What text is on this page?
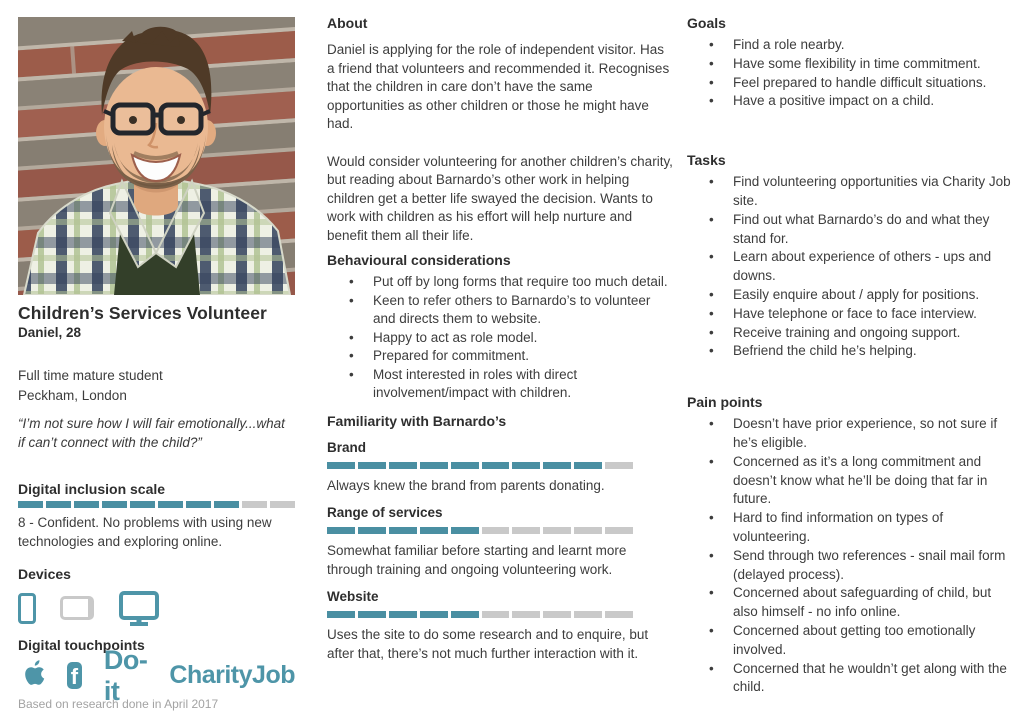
Children’s Services Volunteer
Daniel, 28
Full time mature student
Peckham, London

“I’m not sure how I will fair emotionally...what if can’t connect with the child?”

Digital inclusion scale

8 - Confident. No problems with using new technologies and exploring online.

Devices
Digital touchpoints
f
Do-it
CharityJob
Based on research done in April 2017
About

Daniel is applying for the role of independent visitor. Has a friend that volunteers and recommended it. Recognises that the children in care don’t have the same opportunities as other children or those he might have had.

Would consider volunteering for another children’s charity, but reading about Barnardo’s other work in helping children get a better life swayed the decision. Wants to work with children as his effort will help nurture and benefit them all their life.

Behavioural considerations
• Put off by long forms that require too much detail.
• Keen to refer others to Barnardo’s to volunteer and directs them to website.
• Happy to act as role model.
• Prepared for commitment.
• Most interested in roles with direct involvement/impact with children.
Familiarity with Barnardo’s
Brand

Always knew the brand from parents donating.

Range of services

Somewhat familiar before starting and learnt more through training and ongoing volunteering work.

Website

Uses the site to do some research and to enquire, but after that, there’s not much further interaction with it.

Goals
• Find a role nearby.
• Have some flexibility in time commitment.
• Feel prepared to handle difficult situations.
• Have a positive impact on a child.
Tasks
• Find volunteering opportunities via Charity Job site.
• Find out what Barnardo’s do and what they stand for.
• Learn about experience of others - ups and downs.
• Easily enquire about / apply for positions.
• Have telephone or face to face interview.
• Receive training and ongoing support.
• Befriend the child he’s helping.
Pain points
• Doesn’t have prior experience, so not sure if he’s eligible.
• Concerned as it’s a long commitment and doesn’t know what he’ll be doing that far in future.
• Hard to find information on types of volunteering.
• Send through two references - snail mail form (delayed process).
• Concerned about safeguarding of child, but also himself - no info online.
• Concerned about getting too emotionally involved.
• Concerned that he wouldn’t get along with the child.
